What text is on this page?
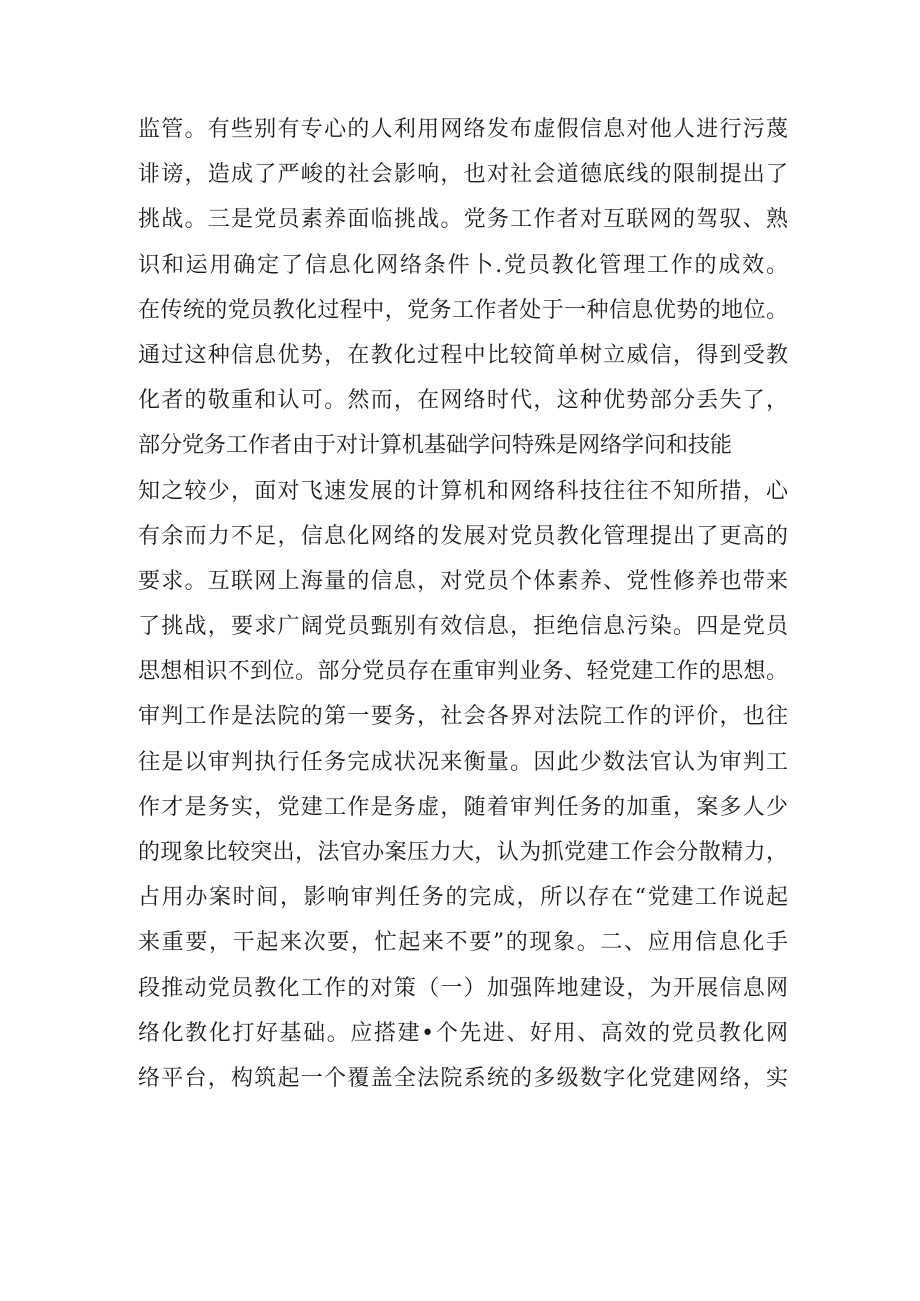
监管。有些别有专心的人利用网络发布虚假信息对他人进行污蔑
诽谤，造成了严峻的社会影响，也对社会道德底线的限制提出了
挑战。三是党员素养面临挑战。党务工作者对互联网的驾驭、熟
识和运用确定了信息化网络条件卜.党员教化管理工作的成效。
在传统的党员教化过程中，党务工作者处于一种信息优势的地位。
通过这种信息优势，在教化过程中比较简单树立威信，得到受教
化者的敬重和认可。然而，在网络时代，这种优势部分丢失了，
部分党务工作者由于对计算机基础学问特殊是网络学问和技能
知之较少，面对飞速发展的计算机和网络科技往往不知所措，心
有余而力不足，信息化网络的发展对党员教化管理提出了更高的
要求。互联网上海量的信息，对党员个体素养、党性修养也带来
了挑战，要求广阔党员甄别有效信息，拒绝信息污染。四是党员
思想相识不到位。部分党员存在重审判业务、轻党建工作的思想。
审判工作是法院的第一要务，社会各界对法院工作的评价，也往
往是以审判执行任务完成状况来衡量。因此少数法官认为审判工
作才是务实，党建工作是务虚，随着审判任务的加重，案多人少
的现象比较突出，法官办案压力大，认为抓党建工作会分散精力，
占用办案时间，影响审判任务的完成，所以存在“党建工作说起
来重要，干起来次要，忙起来不要”的现象。二、应用信息化手
段推动党员教化工作的对策（一）加强阵地建设，为开展信息网
络化教化打好基础。应搭建•个先进、好用、高效的党员教化网
络平台，构筑起一个覆盖全法院系统的多级数字化党建网络，实
